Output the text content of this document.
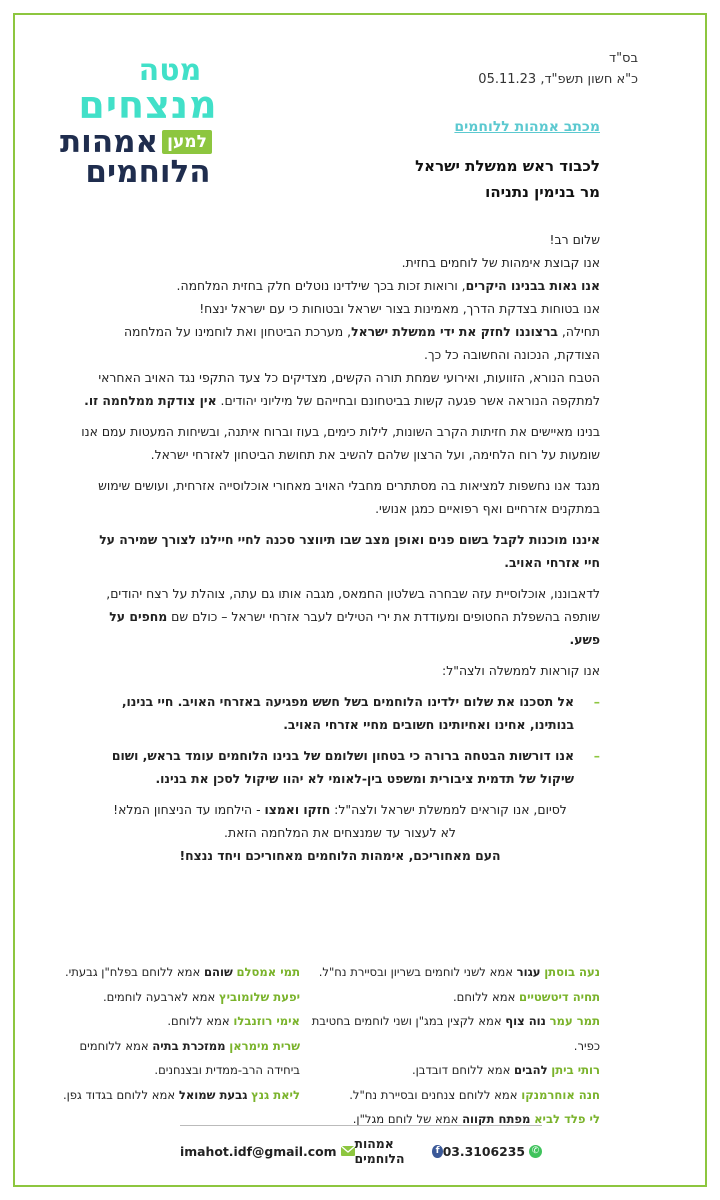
מטה
מנצחים
למען
אמהות
הלוחמים
בס"ד
כ"א חשון תשפ"ד, 05.11.23
מכתב אמהות ללוחמים
לכבוד ראש ממשלת ישראל
מר בנימין נתניהו

שלום רב!

אנו קבוצת אימהות של לוחמים בחזית.

אנו גאות בבנינו היקרים, ורואות זכות בכך שילדינו נוטלים חלק בחזית המלחמה.

אנו בטוחות בצדקת הדרך, מאמינות בצור ישראל ובטוחות כי עם ישראל ינצח!

תחילה, ברצוננו לחזק את ידי ממשלת ישראל, מערכת הביטחון ואת לוחמינו על המלחמה הצודקת, הנכונה והחשובה כל כך.

הטבח הנורא, הזוועות, ואירועי שמחת תורה הקשים, מצדיקים כל צעד התקפי נגד האויב האחראי למתקפה הנוראה אשר פגעה קשות בביטחונם ובחייהם של מיליוני יהודים. אין צודקת ממלחמה זו.

בנינו מאיישים את חזיתות הקרב השונות, לילות כימים, בעוז וברוח איתנה, ובשיחות המעטות עמם אנו שומעות על רוח הלחימה, ועל הרצון שלהם להשיב את תחושת הביטחון לאזרחי ישראל.

מנגד אנו נחשפות למציאות בה מסתתרים מחבלי האויב מאחורי אוכלוסייה אזרחית, ועושים שימוש במתקנים אזרחיים ואף רפואיים כמגן אנושי.

איננו מוכנות לקבל בשום פנים ואופן מצב שבו תיווצר סכנה לחיי חיילנו לצורך שמירה על חיי אזרחי האויב.

לדאבוננו, אוכלוסיית עזה שבחרה בשלטון החמאס, מגבה אותו גם עתה, צוהלת על רצח יהודים, שותפה בהשפלת החטופים ומעודדת את ירי הטילים לעבר אזרחי ישראל – כולם שם מחפים על פשע.

אנו קוראות לממשלה ולצה"ל:

–
אל תסכנו את שלום ילדינו הלוחמים בשל חשש מפגיעה באזרחי האויב. חיי בנינו, בנותינו, אחינו ואחיותינו חשובים מחיי אזרחי האויב.
–
אנו דורשות הבטחה ברורה כי בטחון ושלומם של בנינו הלוחמים עומד בראש, ושום שיקול של תדמית ציבורית ומשפט בין-לאומי לא יהוו שיקול לסכן את בנינו.

לסיום, אנו קוראים לממשלת ישראל ולצה"ל: חזקו ואמצו - הילחמו עד הניצחון המלא!

לא לעצור עד שמנצחים את המלחמה הזאת.

העם מאחוריכם, אימהות הלוחמים מאחוריכם ויחד ננצח!

נעה בוסתן עגור אמא לשני לוחמים בשריון ובסיירת נח"ל.
תחיה דיטשטיים אמא ללוחם.
תמר עמר נוה צוף אמא לקצין במג"ן ושני לוחמים בחטיבת כפיר.
רותי ביתן להבים אמא ללוחם דובדבן.
חנה אוחרמנקו אמא ללוחם צנחנים ובסיירת נח"ל.
לי פלד לביא מפתח תקווה אמא של לוחם מגל"ן.
תמי אמסלם שוהם אמא ללוחם בפלח"ן גבעתי.
יפעת שלומוביץ אמא לארבעה לוחמים.
אימי רוזנבלו אמא ללוחם.
שרית מימראן ממזכרת בתיה אמא ללוחמים ביחידה הרב-ממדית ובצנחנים.
ליאת גנץ גבעת שמואל אמא ללוחם בגדוד גפן.
✆
03.3106235
f
אמהות הלוחמים
imahot.idf@gmail.com
